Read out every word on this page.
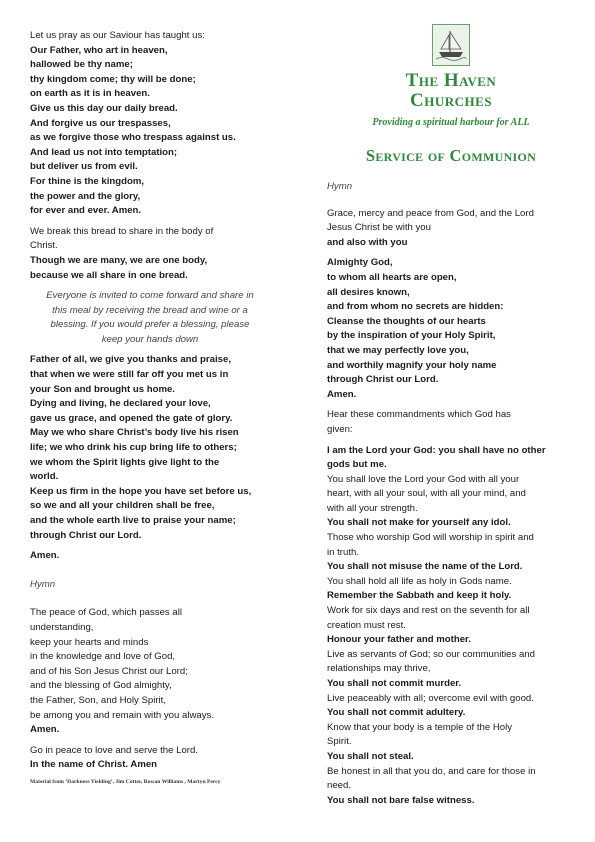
Let us pray as our Saviour has taught us:
Our Father, who art in heaven,
hallowed be thy name;
thy kingdom come; thy will be done;
on earth as it is in heaven.
Give us this day our daily bread.
And forgive us our trespasses,
as we forgive those who trespass against us.
And lead us not into temptation;
but deliver us from evil.
For thine is the kingdom,
the power and the glory,
for ever and ever. Amen.
We break this bread to share in the body of
Christ.
Though we are many, we are one body,
because we all share in one bread.
Everyone is invited to come forward and share in
this meal by receiving the bread and wine or a
blessing. If you would prefer a blessing, please
keep your hands down
Father of all, we give you thanks and praise,
that when we were still far off you met us in
your Son and brought us home.
Dying and living, he declared your love,
gave us grace, and opened the gate of glory.
May we who share Christ’s body live his risen
life; we who drink his cup bring life to others;
we whom the Spirit lights give light to the
world.
Keep us firm in the hope you have set before us,
so we and all your children shall be free,
and the whole earth live to praise your name;
through Christ our Lord.
Amen.
Hymn
The peace of God, which passes all
understanding,
keep your hearts and minds
in the knowledge and love of God,
and of his Son Jesus Christ our Lord;
and the blessing of God almighty,
the Father, Son, and Holy Spirit,
be among you and remain with you always.
Amen.
Go in peace to love and serve the Lord.
In the name of Christ. Amen
Material from ‘Darkness Yielding’, Jim Cotter, Rowan Williams , Martyn Percy
The Haven
Churches
Providing a spiritual harbour for ALL
Service of Communion
Hymn
Grace, mercy and peace from God, and the Lord
Jesus Christ be with you
and also with you
Almighty God,
to whom all hearts are open,
all desires known,
and from whom no secrets are hidden:
Cleanse the thoughts of our hearts
by the inspiration of your Holy Spirit,
that we may perfectly love you,
and worthily magnify your holy name
through Christ our Lord.
Amen.
Hear these commandments which God has
given:
I am the Lord your God: you shall have no other
gods but me.
You shall love the Lord your God with all your
heart, with all your soul, with all your mind, and
with all your strength.
You shall not make for yourself any idol.
Those who worship God will worship in spirit and
in truth.
You shall not misuse the name of the Lord.
You shall hold all life as holy in Gods name.
Remember the Sabbath and keep it holy.
Work for six days and rest on the seventh for all
creation must rest.
Honour your father and mother.
Live as servants of God; so our communities and
relationships may thrive,
You shall not commit murder.
Live peaceably with all; overcome evil with good.
You shall not commit adultery.
Know that your body is a temple of the Holy
Spirit.
You shall not steal.
Be honest in all that you do, and care for those in
need.
You shall not bare false witness.
